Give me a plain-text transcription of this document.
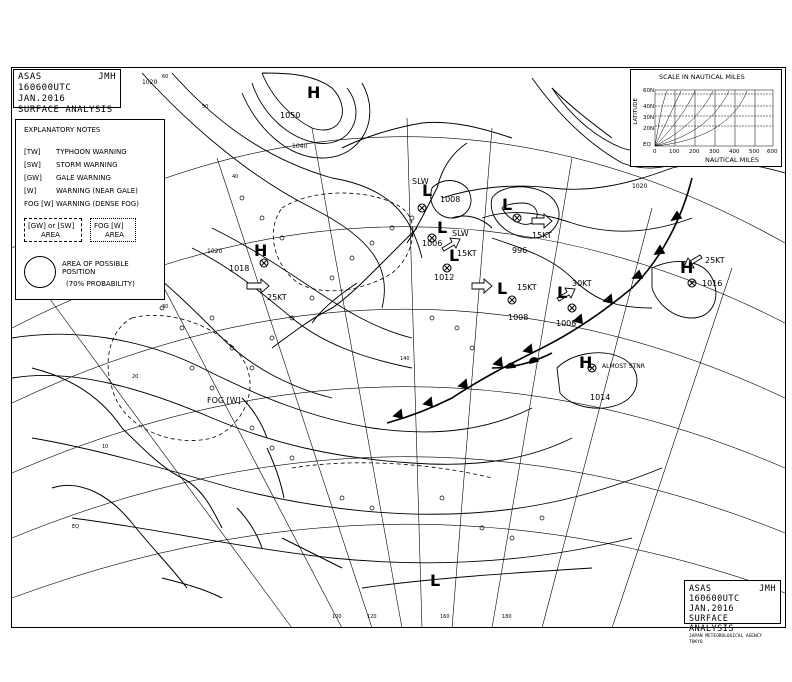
60
50
40
30
20
10
EQ
100	120
140
160	180
L
SLW
1008	L
996
15KT
L
1006
SLW
L
1012
15KT
L
1008
15KT L
1008
30KT
H
1018
25KT
H
1016
25KT
H
1014
ALMOST STNR
H
1050
L
FOG [W]
1020
1020
1040
1020
ASAS	JMH
160600UTC JAN.2016
SURFACE ANALYSIS
EXPLANATORY NOTES
[TW] TYPHOON WARNING
[SW] STORM WARNING
[GW] GALE WARNING
[W]	WARNING (NEAR GALE)
FOG [W] WARNING (DENSE FOG)
[GW] or [SW]
AREA
FOG [W]
AREA
AREA OF POSSIBLE
POSITION
(70% PROBABILITY)
SCALE IN NAUTICAL MILES
LATITUDE
60N
40N
30N
20N
EQ
0 100 200 300 400 500 600
NAUTICAL MILES
ASAS	JMH
160600UTC JAN.2016
SURFACE ANALYSIS
JAPAN METEOROLOGICAL AGENCY TOKYO
